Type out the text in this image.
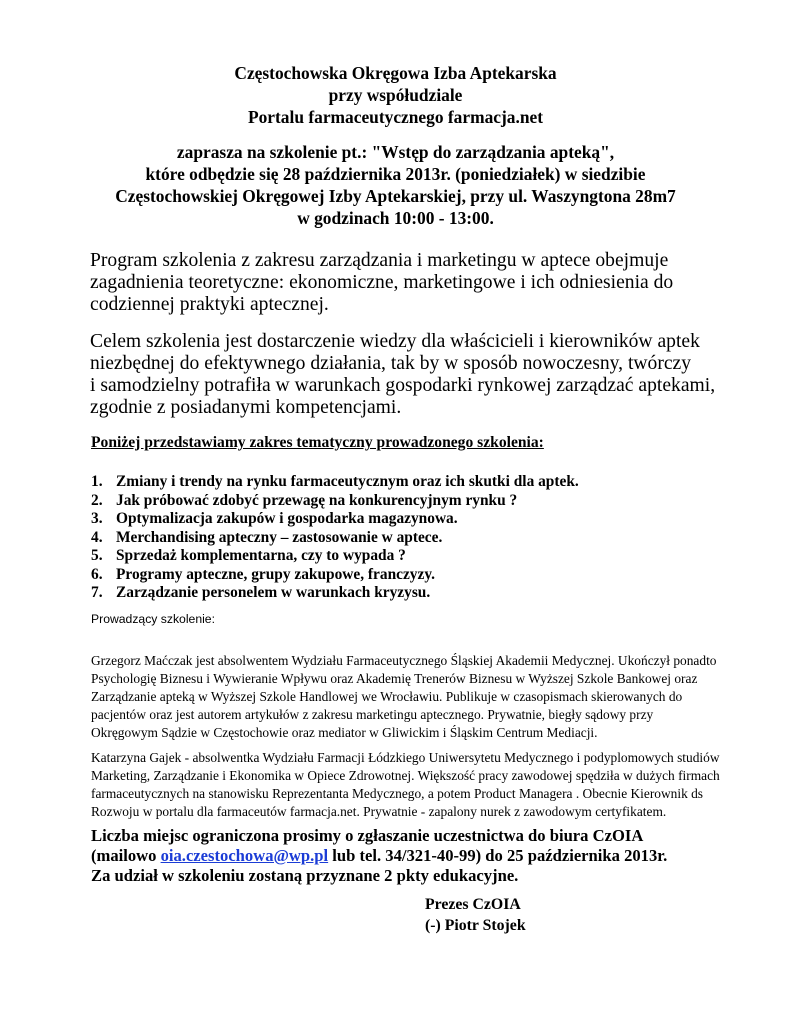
Częstochowska Okręgowa Izba Aptekarska
przy współudziale
Portalu farmaceutycznego farmacja.net
zaprasza na szkolenie pt.: "Wstęp do zarządzania apteką",
które odbędzie się 28 października 2013r. (poniedziałek) w siedzibie
Częstochowskiej Okręgowej Izby Aptekarskiej, przy ul. Waszyngtona 28m7
w godzinach 10:00 - 13:00.
Program szkolenia z zakresu zarządzania i marketingu w aptece obejmuje
zagadnienia teoretyczne: ekonomiczne, marketingowe i ich odniesienia do
codziennej praktyki aptecznej.
Celem szkolenia jest dostarczenie wiedzy dla właścicieli i kierowników aptek
niezbędnej do efektywnego działania, tak by w sposób nowoczesny, twórczy
i samodzielny potrafiła w warunkach gospodarki rynkowej zarządzać aptekami,
zgodnie z posiadanymi kompetencjami.
Poniżej przedstawiamy zakres tematyczny prowadzonego szkolenia:
1. Zmiany i trendy na rynku farmaceutycznym oraz ich skutki dla aptek.
2. Jak próbować zdobyć przewagę na konkurencyjnym rynku ?
3. Optymalizacja zakupów i gospodarka magazynowa.
4. Merchandising apteczny – zastosowanie w aptece.
5. Sprzedaż komplementarna, czy to wypada ?
6. Programy apteczne, grupy zakupowe, franczyzy.
7. Zarządzanie personelem w warunkach kryzysu.
Prowadzący szkolenie:
Grzegorz Maćczak jest absolwentem Wydziału Farmaceutycznego Śląskiej Akademii Medycznej. Ukończył ponadto
Psychologię Biznesu i Wywieranie Wpływu oraz Akademię Trenerów Biznesu w Wyższej Szkole Bankowej oraz
Zarządzanie apteką w Wyższej Szkole Handlowej we Wrocławiu. Publikuje w czasopismach skierowanych do
pacjentów oraz jest autorem artykułów z zakresu marketingu aptecznego. Prywatnie, biegły sądowy przy
Okręgowym Sądzie w Częstochowie oraz mediator w Gliwickim i Śląskim Centrum Mediacji.
Katarzyna Gajek - absolwentka Wydziału Farmacji Łódzkiego Uniwersytetu Medycznego i podyplomowych studiów
Marketing, Zarządzanie i Ekonomika w Opiece Zdrowotnej. Większość pracy zawodowej spędziła w dużych firmach
farmaceutycznych na stanowisku Reprezentanta Medycznego, a potem Product Managera . Obecnie Kierownik ds
Rozwoju w portalu dla farmaceutów farmacja.net. Prywatnie - zapalony nurek z zawodowym certyfikatem.
Liczba miejsc ograniczona prosimy o zgłaszanie uczestnictwa do biura CzOIA
(mailowo oia.czestochowa@wp.pl lub tel. 34/321-40-99) do 25 października 2013r.
Za udział w szkoleniu zostaną przyznane 2 pkty edukacyjne.
Prezes CzOIA
(-) Piotr Stojek
